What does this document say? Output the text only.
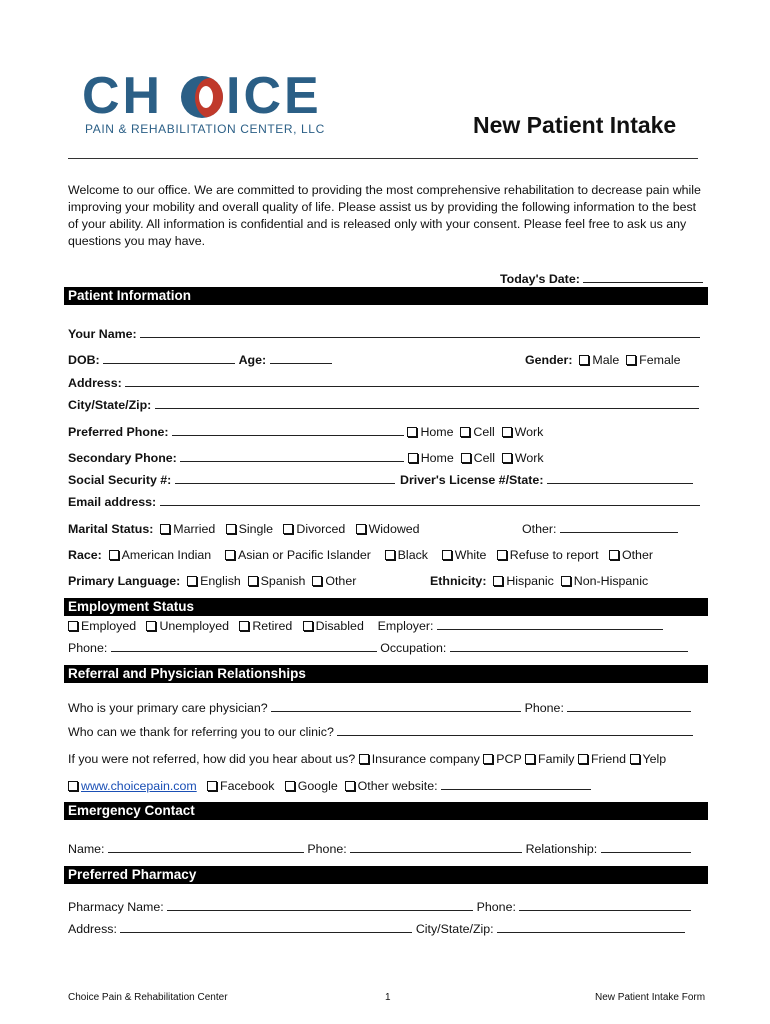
CH ICE
PAIN & REHABILITATION CENTER, LLC	New Patient Intake
Welcome to our office. We are committed to providing the most comprehensive rehabilitation to decrease pain while improving your mobility and overall quality of life. Please assist us by providing the following information to the best of your ability. All information is confidential and is released only with your consent. Please feel free to ask us any questions you may have.
Today's Date:
Patient Information
Your Name:
DOB:	Age:	Gender: Male Female
Address:
City/State/Zip:
Preferred Phone:	Home Cell Work
Secondary Phone:	Home Cell Work
Social Security #:	Driver's License #/State:
Email address:
Marital Status: Married Single Divorced Widowed	Other:
Race: American Indian Asian or Pacific Islander Black White Refuse to report Other
Primary Language: English Spanish Other	Ethnicity: Hispanic Non-Hispanic
Employment Status
Employed Unemployed Retired Disabled Employer:
Phone:	Occupation:
Referral and Physician Relationships
Who is your primary care physician?	Phone:
Who can we thank for referring you to our clinic?
If you were not referred, how did you hear about us? Insurance company PCP Family Friend Yelp
www.choicepain.com Facebook Google Other website:
Emergency Contact
Name:	Phone:	Relationship:
Preferred Pharmacy
Pharmacy Name:	Phone:
Address:	City/State/Zip:
Choice Pain & Rehabilitation Center	1	New Patient Intake Form
